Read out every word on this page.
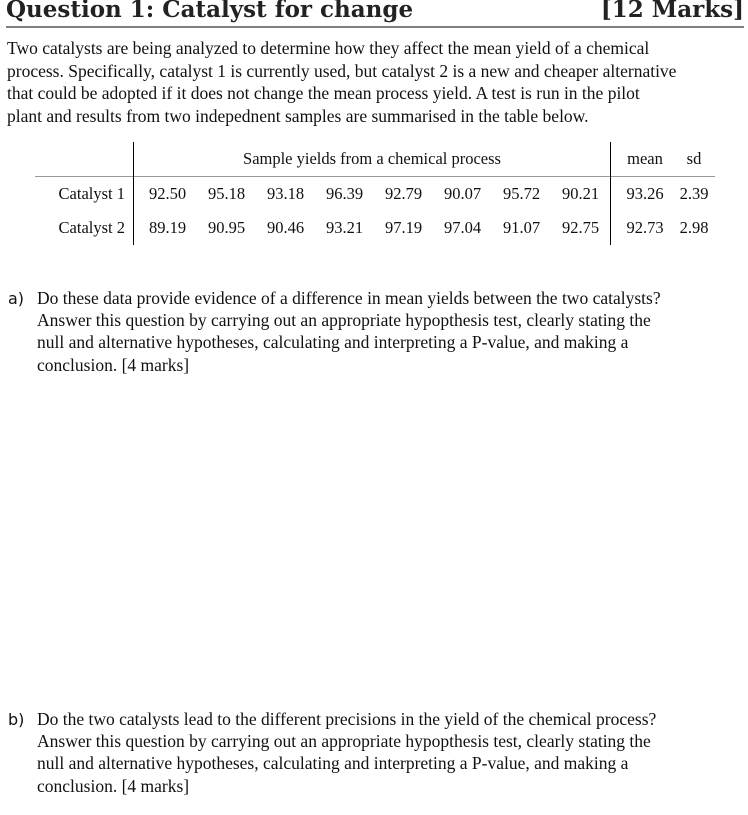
Question 1: Catalyst for change	[12 Marks]

Two catalysts are being analyzed to determine how they affect the mean yield of a chemical
process. Specifically, catalyst 1 is currently used, but catalyst 2 is a new and cheaper alternative
that could be adopted if it does not change the mean process yield. A test is run in the pilot
plant and results from two indepednent samples are summarised in the table below.

	Sample yields from a chemical process								mean	sd
Catalyst 1	92.50	95.18	93.18	96.39	92.79	90.07	95.72	90.21	93.26	2.39
Catalyst 2	89.19	90.95	90.46	93.21	97.19	97.04	91.07	92.75	92.73	2.98
a) Do these data provide evidence of a difference in mean yields between the two catalysts?
Answer this question by carrying out an appropriate hypopthesis test, clearly stating the
null and alternative hypotheses, calculating and interpreting a P-value, and making a
conclusion. [4 marks]
b) Do the two catalysts lead to the different precisions in the yield of the chemical process?
Answer this question by carrying out an appropriate hypopthesis test, clearly stating the
null and alternative hypotheses, calculating and interpreting a P-value, and making a
conclusion. [4 marks]
